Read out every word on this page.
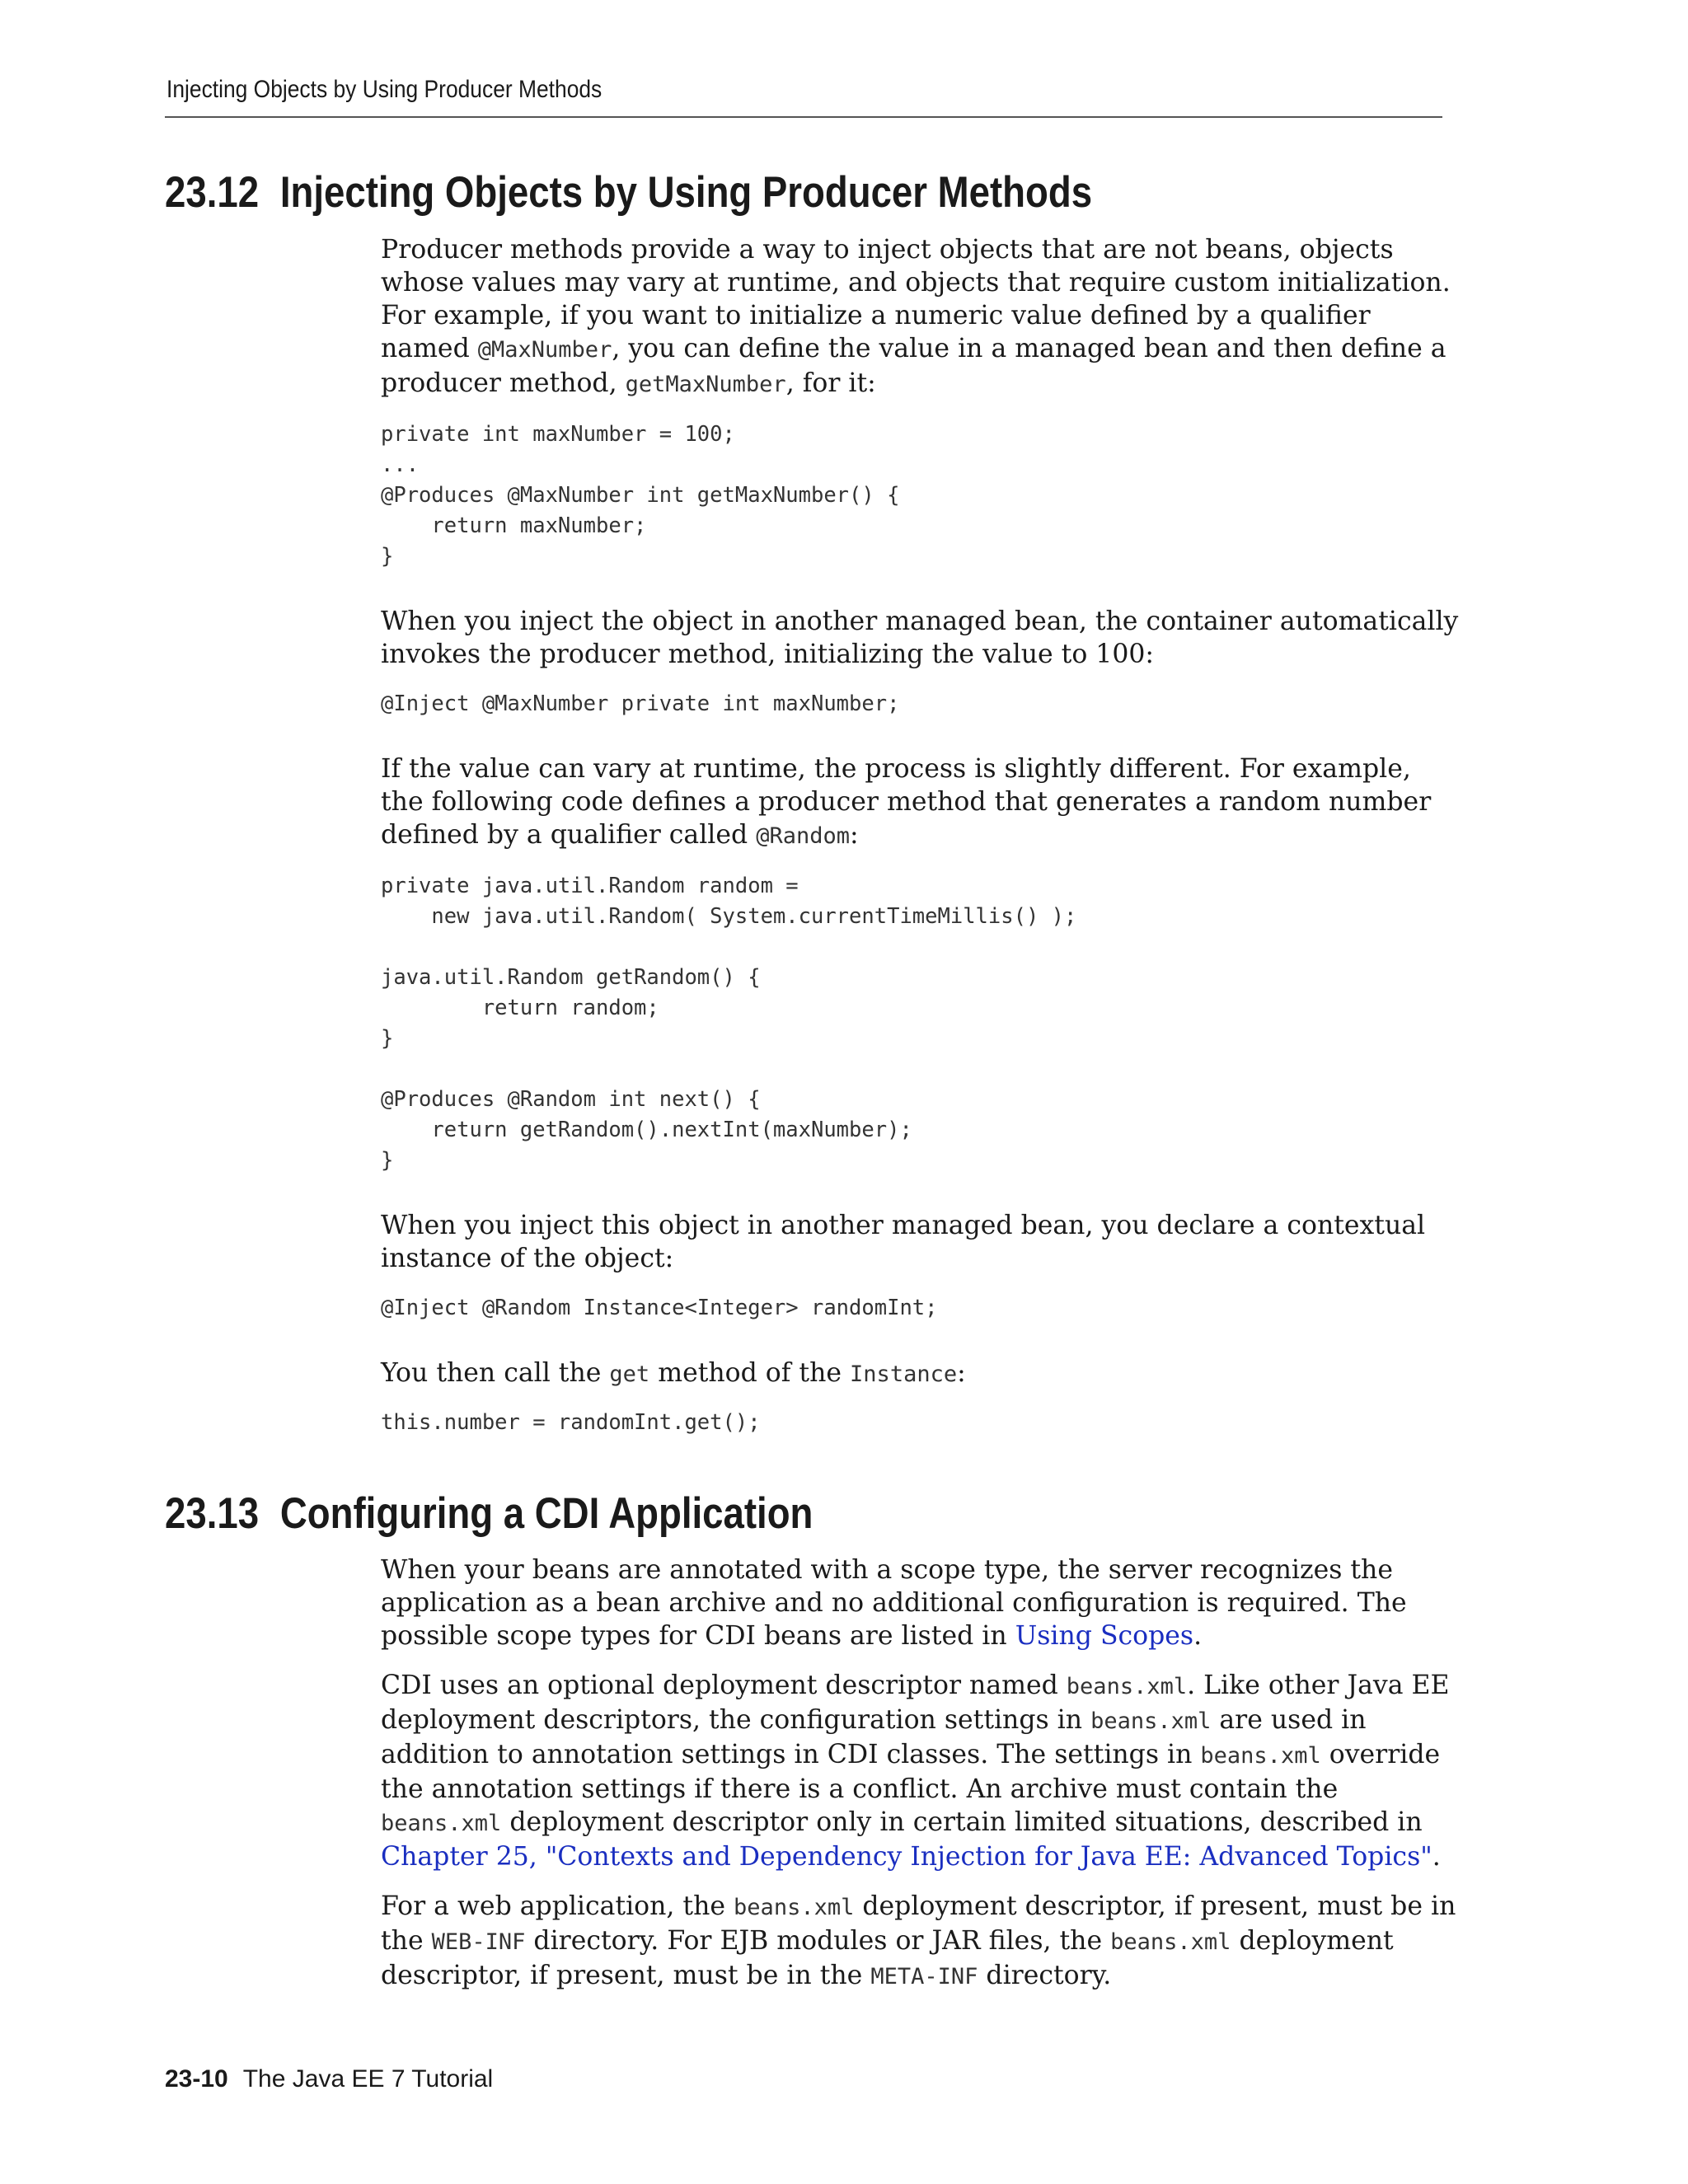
Injecting Objects by Using Producer Methods
23.12 Injecting Objects by Using Producer Methods

Producer methods provide a way to inject objects that are not beans, objects whose values may vary at runtime, and objects that require custom initialization. For example, if you want to initialize a numeric value defined by a qualifier named @MaxNumber, you can define the value in a managed bean and then define a producer method, getMaxNumber, for it:

private int maxNumber = 100;
...
@Produces @MaxNumber int getMaxNumber() {
return maxNumber;
}

When you inject the object in another managed bean, the container automatically invokes the producer method, initializing the value to 100:

@Inject @MaxNumber private int maxNumber;

If the value can vary at runtime, the process is slightly different. For example, the following code defines a producer method that generates a random number defined by a qualifier called @Random:

private java.util.Random random =
new java.util.Random( System.currentTimeMillis() );

java.util.Random getRandom() {
return random;
}

@Produces @Random int next() {
return getRandom().nextInt(maxNumber);
}

When you inject this object in another managed bean, you declare a contextual instance of the object:

@Inject @Random Instance<Integer> randomInt;

You then call the get method of the Instance:

this.number = randomInt.get();
23.13 Configuring a CDI Application

When your beans are annotated with a scope type, the server recognizes the application as a bean archive and no additional configuration is required. The possible scope types for CDI beans are listed in Using Scopes.

CDI uses an optional deployment descriptor named beans.xml. Like other Java EE deployment descriptors, the configuration settings in beans.xml are used in addition to annotation settings in CDI classes. The settings in beans.xml override the annotation settings if there is a conflict. An archive must contain the beans.xml deployment descriptor only in certain limited situations, described in Chapter 25, "Contexts and Dependency Injection for Java EE: Advanced Topics".

For a web application, the beans.xml deployment descriptor, if present, must be in the WEB-INF directory. For EJB modules or JAR files, the beans.xml deployment descriptor, if present, must be in the META-INF directory.

23-10 The Java EE 7 Tutorial
